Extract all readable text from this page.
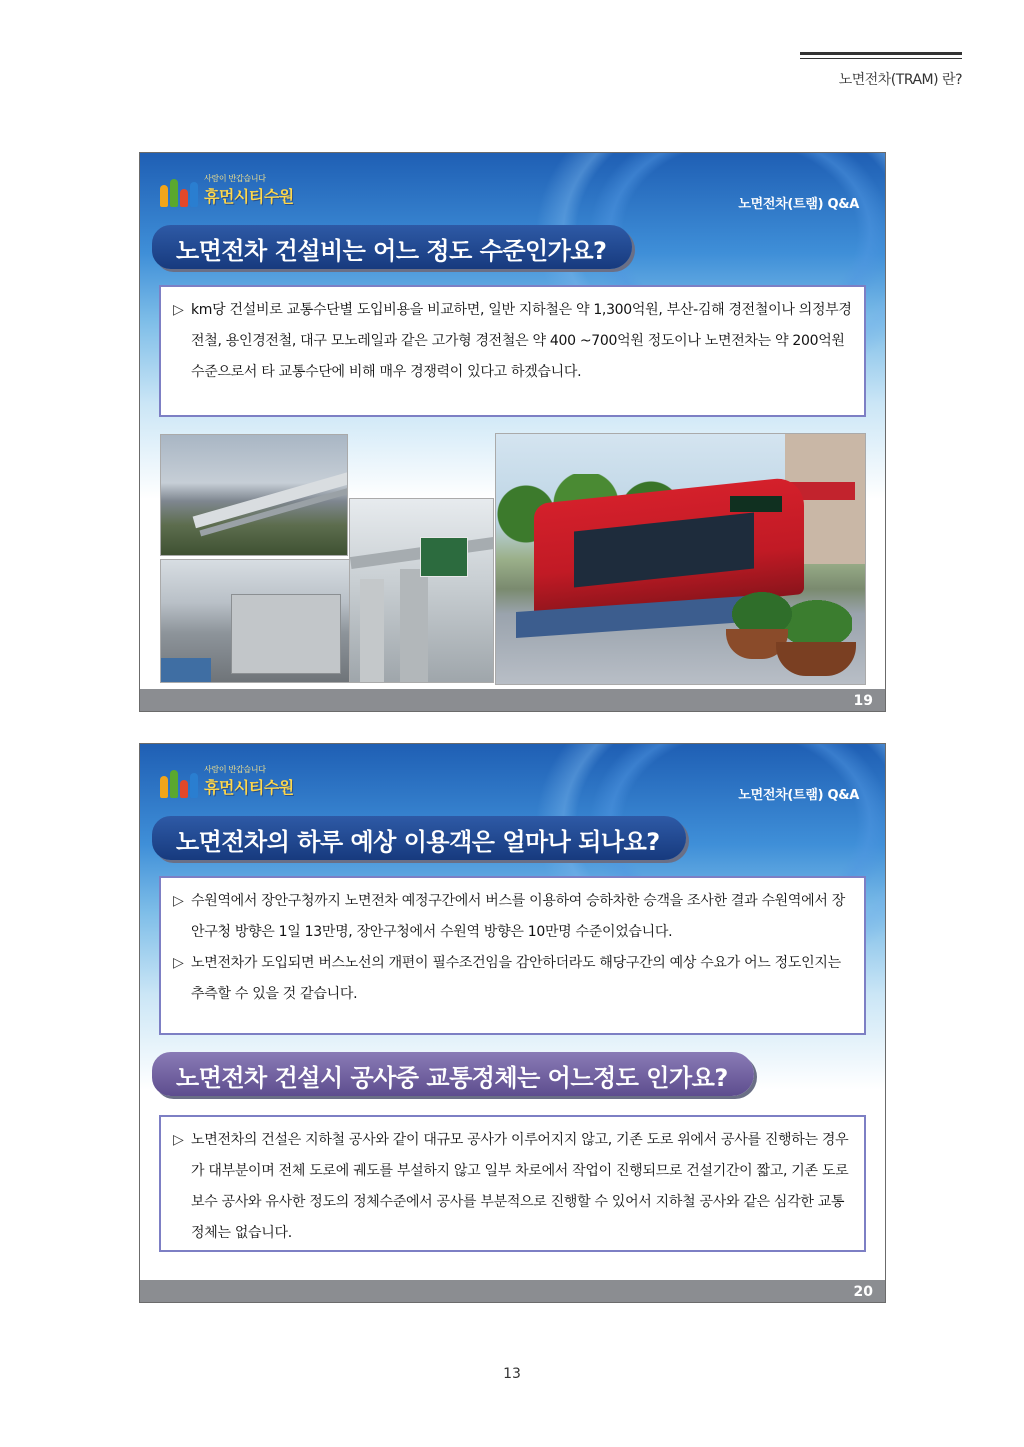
노면전차(TRAM) 란?
사람이 반갑습니다
휴먼시티수원	노면전차(트램) Q&A
노면전차 건설비는 어느 정도 수준인가요?

▷ km당 건설비로 교통수단별 도입비용을 비교하면, 일반 지하철은 약 1,300억원, 부산-김해 경전철이나 의정부경전철, 용인경전철, 대구 모노레일과 같은 고가형 경전철은 약 400 ~700억원 정도이나 노면전차는 약 200억원 수준으로서 타 교통수단에 비해 매우 경쟁력이 있다고 하겠습니다.

19
사람이 반갑습니다
휴먼시티수원	노면전차(트램) Q&A
노면전차의 하루 예상 이용객은 얼마나 되나요?

▷ 수원역에서 장안구청까지 노면전차 예정구간에서 버스를 이용하여 승하차한 승객을 조사한 결과 수원역에서 장안구청 방향은 1일 13만명, 장안구청에서 수원역 방향은 10만명 수준이었습니다.

▷ 노면전차가 도입되면 버스노선의 개편이 필수조건임을 감안하더라도 해당구간의 예상 수요가 어느 정도인지는 추측할 수 있을 것 같습니다.

노면전차 건설시 공사중 교통정체는 어느정도 인가요?

▷ 노면전차의 건설은 지하철 공사와 같이 대규모 공사가 이루어지지 않고, 기존 도로 위에서 공사를 진행하는 경우가 대부분이며 전체 도로에 궤도를 부설하지 않고 일부 차로에서 작업이 진행되므로 건설기간이 짧고, 기존 도로 보수 공사와 유사한 정도의 정체수준에서 공사를 부분적으로 진행할 수 있어서 지하철 공사와 같은 심각한 교통정체는 없습니다.

20
13
